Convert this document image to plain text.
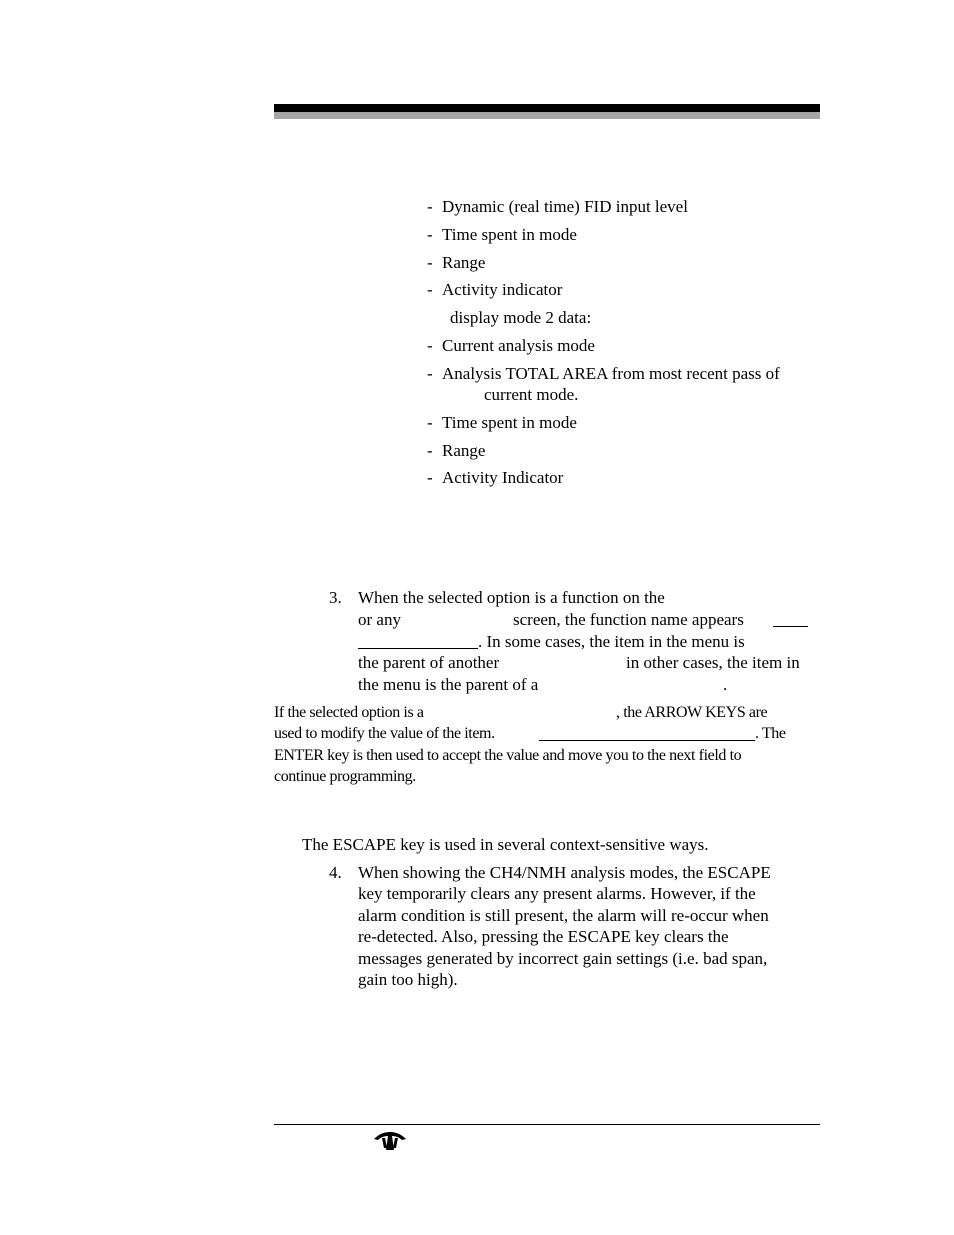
- Dynamic (real time) FID input level
- Time spent in mode
- Range
- Activity indicator
display mode 2 data:
- Current analysis mode
- Analysis TOTAL AREA from most recent pass of
current mode.
- Time spent in mode
- Range
- Activity Indicator
3. When the selected option is a function on the
or any	screen, the function name appears
. In some cases, the item in the menu is
the parent of another	in other cases, the item in
the menu is the parent of a	.
If the selected option is a	, the ARROW KEYS are
used to modify the value of the item.	. The
ENTER key is then used to accept the value and move you to the next field to
continue programming.
The ESCAPE key is used in several context-sensitive ways.
4. When showing the CH4/NMH analysis modes, the ESCAPE
key temporarily clears any present alarms. However, if the
alarm condition is still present, the alarm will re-occur when
re-detected. Also, pressing the ESCAPE key clears the
messages generated by incorrect gain settings (i.e. bad span,
gain too high).
